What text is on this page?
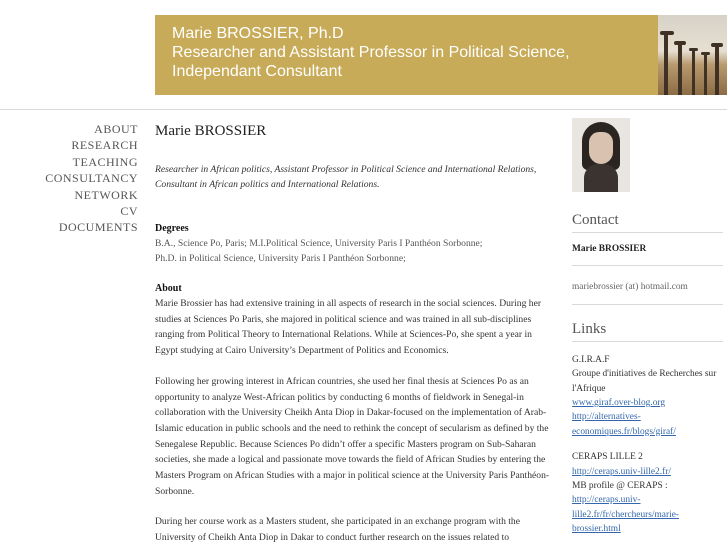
Marie BROSSIER, Ph.D
Researcher and Assistant Professor in Political Science,
Independant Consultant
ABOUT
RESEARCH
TEACHING
CONSULTANCY
NETWORK
CV
DOCUMENTS
Marie BROSSIER
Researcher in African politics, Assistant Professor in Political Science and International Relations, Consultant in African politics and International Relations.
Degrees
B.A., Science Po, Paris; M.I.Political Science, University Paris I Panthéon Sorbonne;
Ph.D. in Political Science, University Paris I Panthéon Sorbonne;
About

Marie Brossier has had extensive training in all aspects of research in the social sciences. During her studies at Sciences Po Paris, she majored in political science and was trained in all sub-disciplines ranging from Political Theory to International Relations. While at Sciences-Po, she spent a year in Egypt studying at Cairo University’s Department of Politics and Economics.

Following her growing interest in African countries, she used her final thesis at Sciences Po as an opportunity to analyze West-African politics by conducting 6 months of fieldwork in Senegal-in collaboration with the University Cheikh Anta Diop in Dakar-focused on the implementation of Arab-Islamic education in public schools and the need to rethink the concept of secularism as defined by the Senegalese Republic. Because Sciences Po didn’t offer a specific Masters program on Sub-Saharan societies, she made a logical and passionate move towards the field of African Studies by entering the Masters Program on African Studies with a major in political science at the University Paris Panthéon-Sorbonne.

During her course work as a Masters student, she participated in an exchange program with the University of Cheikh Anta Diop in Dakar to conduct further research on the issues related to

Contact
Marie BROSSIER
mariebrossier (at) hotmail.com
Links
G.I.R.A.F
Groupe d'initiatives de Recherches sur l'Afrique
www.giraf.over-blog.org
http://alternatives-economiques.fr/blogs/giraf/
CERAPS LILLE 2
http://ceraps.univ-lille2.fr/
MB profile @ CERAPS :
http://ceraps.univ-lille2.fr/fr/chercheurs/marie-brossier.html
